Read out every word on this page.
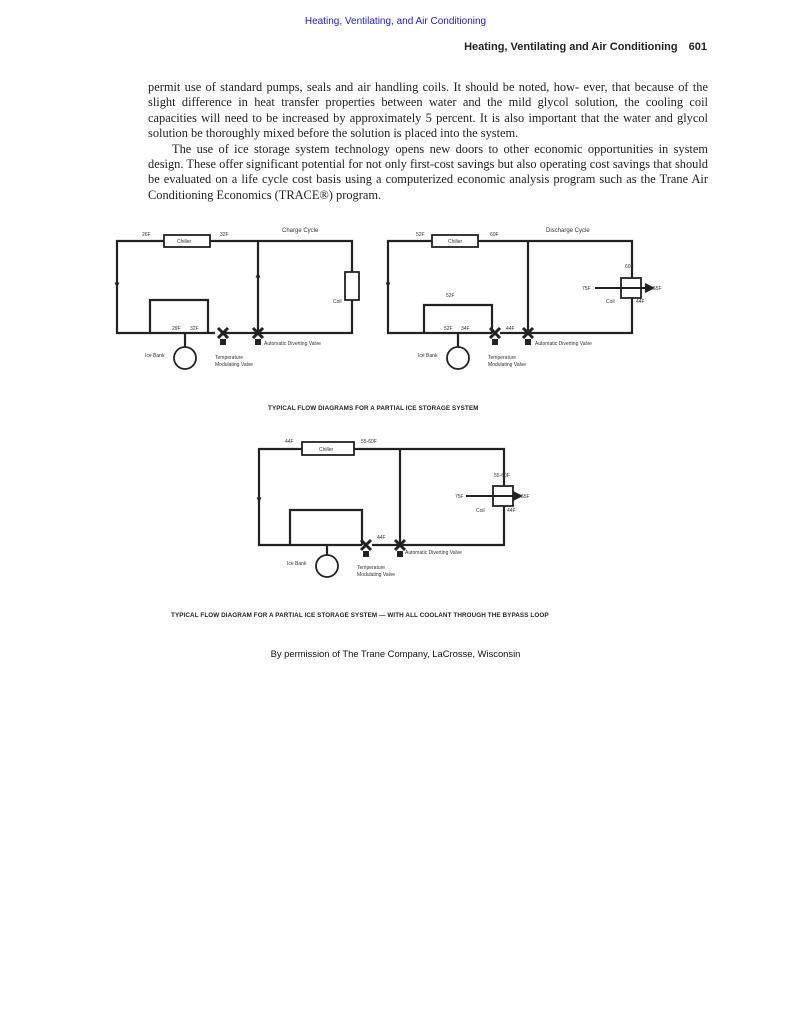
Heating, Ventilating, and Air Conditioning
Heating, Ventilating and Air Conditioning 601

permit use of standard pumps, seals and air handling coils. It should be noted, how- ever, that because of the slight difference in heat transfer properties between water and the mild glycol solution, the cooling coil capacities will need to be increased by approximately 5 percent. It is also important that the water and glycol solution be thoroughly mixed before the solution is placed into the system.

The use of ice storage system technology opens new doors to other economic opportunities in system design. These offer significant potential for not only first-cost savings but also operating cost savings that should be evaluated on a life cycle cost basis using a computerized economic analysis program such as the Trane Air Conditioning Economics (TRACE®) program.

Charge Cycle
Chiller
26F	32F
Coil
29F 32F
Ice Bank
Automatic Diverting Valve
Temperature
Modulating Valve
Discharge Cycle
Chiller
52F	60F
60F
75F	55F
Coil	44F
52F
52F 34F	44F
Ice Bank
Automatic Diverting Valve
Temperature
Modulating Valve
Chiller
44F	55-60F
55-60F
75F	55F
Coil	44F
44F
Ice Bank
Automatic Diverting Valve
Temperature
Modulating Valve
TYPICAL FLOW DIAGRAMS FOR A PARTIAL ICE STORAGE SYSTEM
TYPICAL FLOW DIAGRAM FOR A PARTIAL ICE STORAGE SYSTEM — WITH ALL COOLANT THROUGH THE BYPASS LOOP
By permission of The Trane Company, LaCrosse, Wisconsin
